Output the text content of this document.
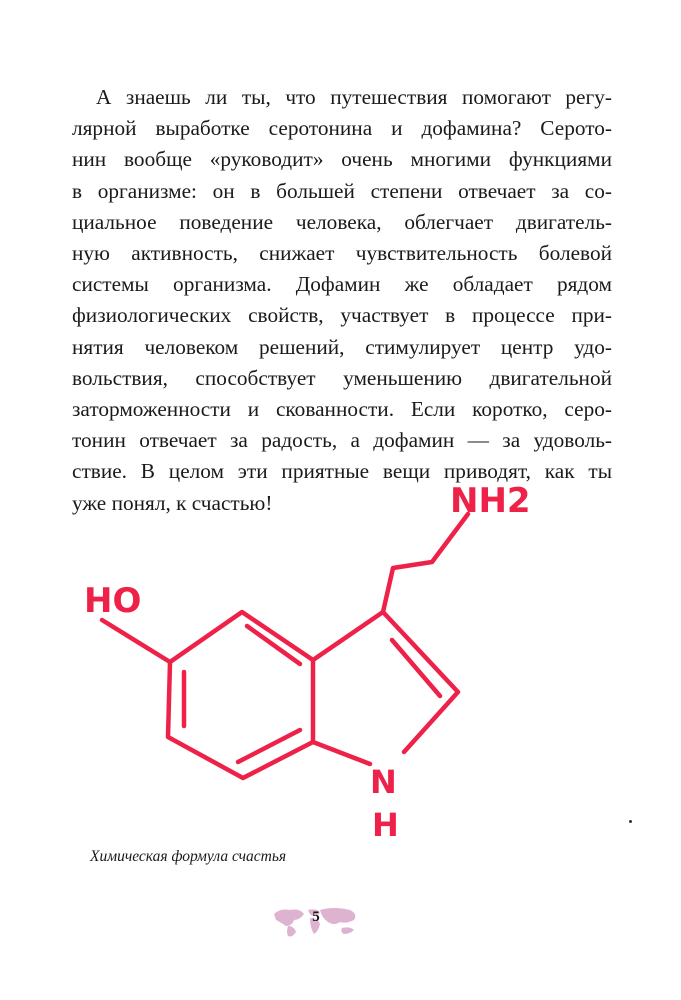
А знаешь ли ты, что путешествия помогают регу-
лярной выработке серотонина и дофамина? Серото-
нин вообще «руководит» очень многими функциями
в организме: он в большей степени отвечает за со-
циальное поведение человека, облегчает двигатель-
ную активность, снижает чувствительность болевой
системы организма. Дофамин же обладает рядом
физиологических свойств, участвует в процессе при-
нятия человеком решений, стимулирует центр удо-
вольствия, способствует уменьшению двигательной
заторможенности и скованности. Если коротко, серо-
тонин отвечает за радость, а дофамин — за удоволь-
ствие. В целом эти приятные вещи приводят, как ты
уже понял, к счастью!	NH2
HO
N
H

Химическая формула счастья

5
